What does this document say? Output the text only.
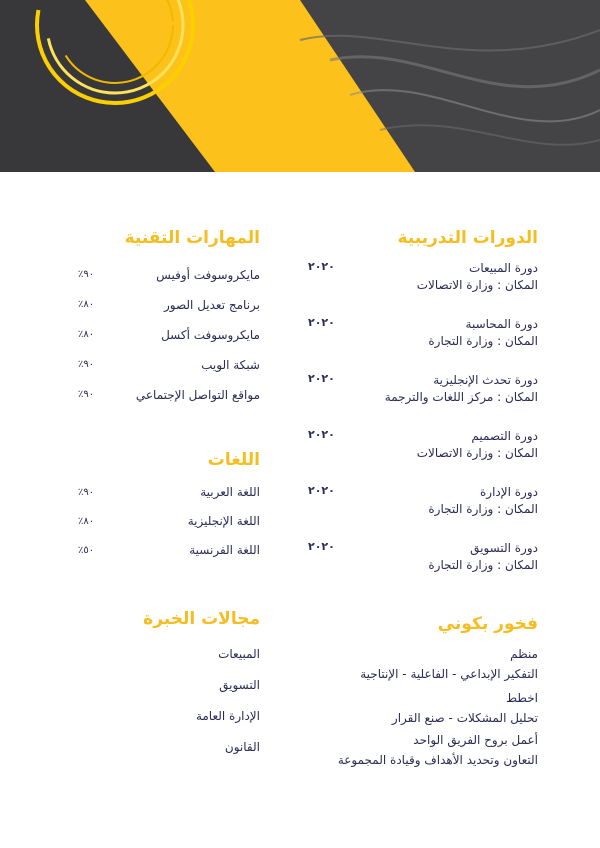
الدورات التدريبية
دورة المبيعات
٢٠٢٠
المكان : وزارة الاتصالات
دورة المحاسبة
٢٠٢٠
المكان : وزارة التجارة
دورة تحدث الإنجليزية
٢٠٢٠
المكان : مركز اللغات والترجمة
دورة التصميم
٢٠٢٠
المكان : وزارة الاتصالات
دورة الإدارة
٢٠٢٠
المكان : وزارة التجارة
دورة التسويق
٢٠٢٠
المكان : وزارة التجارة
فخور بكوني
منظم
التفكير الإبداعي - الفاعلية - الإنتاجية
اخطط
تحليل المشكلات - صنع القرار
أعمل بروح الفريق الواحد
التعاون وتحديد الأهداف وقيادة المجموعة
المهارات التقنية
مايكروسوفت أوفيس
٩٠٪
برنامج تعديل الصور
٨٠٪
مايكروسوفت أكسل
٨٠٪
شبكة الويب
٩٠٪
مواقع التواصل الإجتماعي
٩٠٪
اللغات
اللغة العربية
٩٠٪
اللغة الإنجليزية
٨٠٪
اللغة الفرنسية
٥٠٪
مجالات الخبرة
المبيعات
التسويق
الإدارة العامة
القانون
